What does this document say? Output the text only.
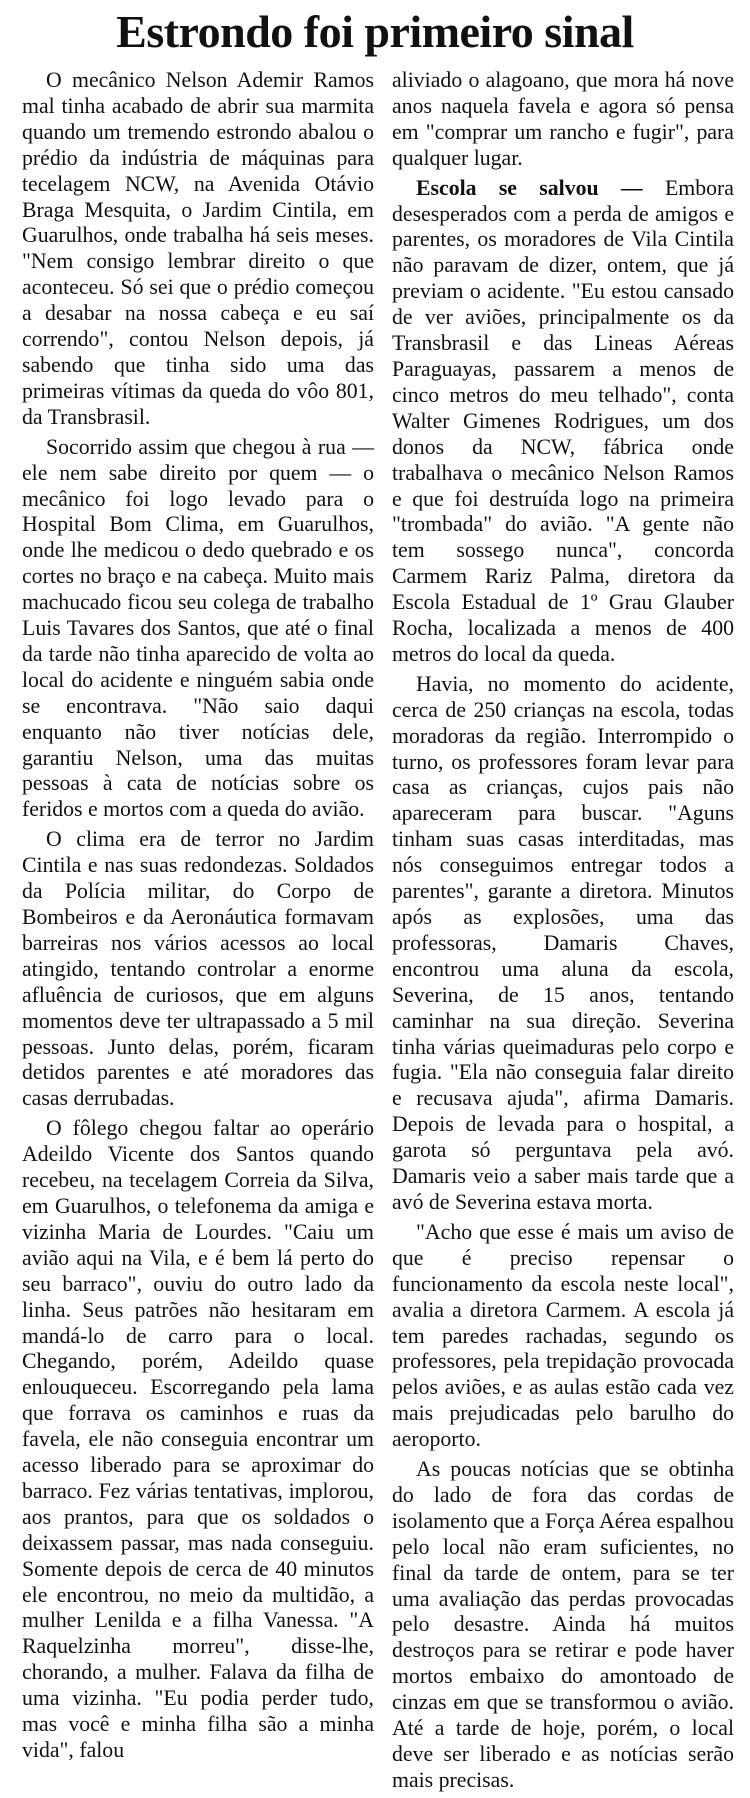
Estrondo foi primeiro sinal

O mecânico Nelson Ademir Ramos mal tinha acabado de abrir sua marmita quando um tremendo estrondo abalou o prédio da indústria de máquinas para tecelagem NCW, na Avenida Otávio Braga Mesquita, o Jardim Cintila, em Guarulhos, onde trabalha há seis meses. "Nem consigo lembrar direito o que aconteceu. Só sei que o prédio começou a desabar na nossa cabeça e eu saí correndo", contou Nelson depois, já sabendo que tinha sido uma das primeiras vítimas da queda do vôo 801, da Transbrasil.

Socorrido assim que chegou à rua — ele nem sabe direito por quem — o mecânico foi logo levado para o Hospital Bom Clima, em Guarulhos, onde lhe medicou o dedo quebrado e os cortes no braço e na cabeça. Muito mais machucado ficou seu colega de trabalho Luis Tavares dos Santos, que até o final da tarde não tinha aparecido de volta ao local do acidente e ninguém sabia onde se encontrava. "Não saio daqui enquanto não tiver notícias dele, garantiu Nelson, uma das muitas pessoas à cata de notícias sobre os feridos e mortos com a queda do avião.

O clima era de terror no Jardim Cintila e nas suas redondezas. Soldados da Polícia militar, do Corpo de Bombeiros e da Aeronáutica formavam barreiras nos vários acessos ao local atingido, tentando controlar a enorme afluência de curiosos, que em alguns momentos deve ter ultrapassado a 5 mil pessoas. Junto delas, porém, ficaram detidos parentes e até moradores das casas derrubadas.

O fôlego chegou faltar ao operário Adeildo Vicente dos Santos quando recebeu, na tecelagem Correia da Silva, em Guarulhos, o telefonema da amiga e vizinha Maria de Lourdes. "Caiu um avião aqui na Vila, e é bem lá perto do seu barraco", ouviu do outro lado da linha. Seus patrões não hesitaram em mandá-lo de carro para o local. Chegando, porém, Adeildo quase enlouqueceu. Escorregando pela lama que forrava os caminhos e ruas da favela, ele não conseguia encontrar um acesso liberado para se aproximar do barraco. Fez várias tentativas, implorou, aos prantos, para que os soldados o deixassem passar, mas nada conseguiu. Somente depois de cerca de 40 minutos ele encontrou, no meio da multidão, a mulher Lenilda e a filha Vanessa. "A Raquelzinha morreu", disse-lhe, chorando, a mulher. Falava da filha de uma vizinha. "Eu podia perder tudo, mas você e minha filha são a minha vida", falou

aliviado o alagoano, que mora há nove anos naquela favela e agora só pensa em "comprar um rancho e fugir", para qualquer lugar.

Escola se salvou — Embora desesperados com a perda de amigos e parentes, os moradores de Vila Cintila não paravam de dizer, ontem, que já previam o acidente. "Eu estou cansado de ver aviões, principalmente os da Transbrasil e das Lineas Aéreas Paraguayas, passarem a menos de cinco metros do meu telhado", conta Walter Gimenes Rodrigues, um dos donos da NCW, fábrica onde trabalhava o mecânico Nelson Ramos e que foi destruída logo na primeira "trombada" do avião. "A gente não tem sossego nunca", concorda Carmem Rariz Palma, diretora da Escola Estadual de 1º Grau Glauber Rocha, localizada a menos de 400 metros do local da queda.

Havia, no momento do acidente, cerca de 250 crianças na escola, todas moradoras da região. Interrompido o turno, os professores foram levar para casa as crianças, cujos pais não apareceram para buscar. "Aguns tinham suas casas interditadas, mas nós conseguimos entregar todos a parentes", garante a diretora. Minutos após as explosões, uma das professoras, Damaris Chaves, encontrou uma aluna da escola, Severina, de 15 anos, tentando caminhar na sua direção. Severina tinha várias queimaduras pelo corpo e fugia. "Ela não conseguia falar direito e recusava ajuda", afirma Damaris. Depois de levada para o hospital, a garota só perguntava pela avó. Damaris veio a saber mais tarde que a avó de Severina estava morta.

"Acho que esse é mais um aviso de que é preciso repensar o funcionamento da escola neste local", avalia a diretora Carmem. A escola já tem paredes rachadas, segundo os professores, pela trepidação provocada pelos aviões, e as aulas estão cada vez mais prejudicadas pelo barulho do aeroporto.

As poucas notícias que se obtinha do lado de fora das cordas de isolamento que a Força Aérea espalhou pelo local não eram suficientes, no final da tarde de ontem, para se ter uma avaliação das perdas provocadas pelo desastre. Ainda há muitos destroços para se retirar e pode haver mortos embaixo do amontoado de cinzas em que se transformou o avião. Até a tarde de hoje, porém, o local deve ser liberado e as notícias serão mais precisas.
